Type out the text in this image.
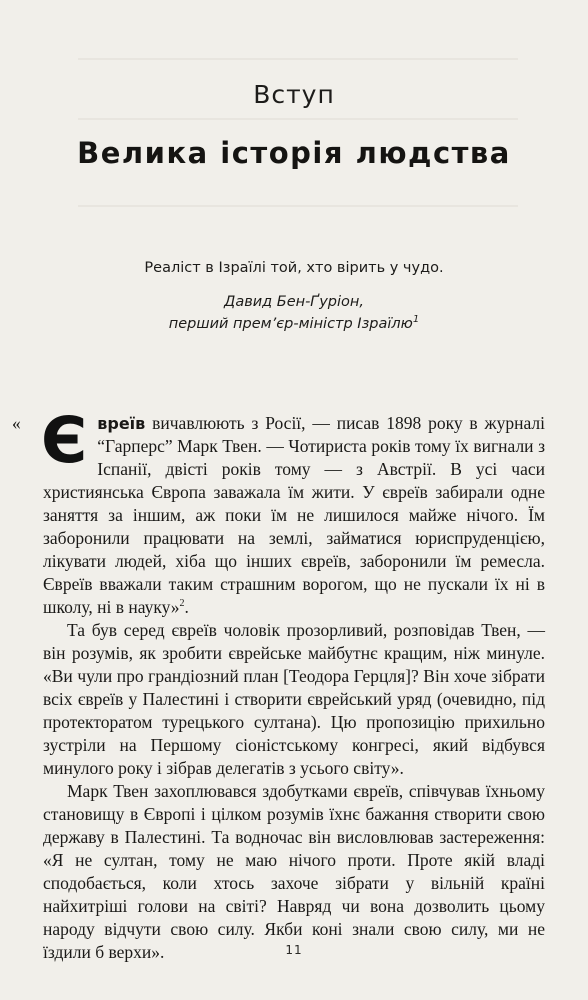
Вступ
Велика історія людства

Реаліст в Ізраїлі той, хто вірить у чудо.

Давид Бен-Ґуріон,

перший прем’єр-міністр Ізраїлю$^1$

« Євреїв вичавлюють з Росії, — писав 1898 року в журналі “Гарперс” Марк Твен. — Чотириста років тому їх вигнали з Іспанії, двісті років тому — з Австрії. В усі часи християнська Європа заважала їм жити. У євреїв забирали одне заняття за іншим, аж поки їм не лишилося майже нічого. Їм заборонили працювати на землі, займатися юриспруденцією, лікувати людей, хіба що інших євреїв, заборонили їм ремесла. Євреїв вважали таким страшним ворогом, що не пускали їх ні в школу, ні в науку»$^2$.

Та був серед євреїв чоловік прозорливий, розповідав Твен, — він розумів, як зробити єврейське майбутнє кращим, ніж минуле. «Ви чули про грандіозний план [Теодора Герцля]? Він хоче зібрати всіх євреїв у Палестині і створити єврейський уряд (очевидно, під протекторатом турецького султана). Цю пропозицію прихильно зустріли на Першому сіоністському конгресі, який відбувся минулого року і зібрав делегатів з усього світу».

Марк Твен захоплювався здобутками євреїв, співчував їхньому становищу в Європі і цілком розумів їхнє бажання створити свою державу в Палестині. Та водночас він висловлював застереження: «Я не султан, тому не маю нічого проти. Проте якій владі сподобається, коли хтось захоче зібрати у вільній країні найхитріші голови на світі? Навряд чи вона дозволить цьому народу відчути свою силу. Якби коні знали свою силу, ми не їздили б верхи».	11
